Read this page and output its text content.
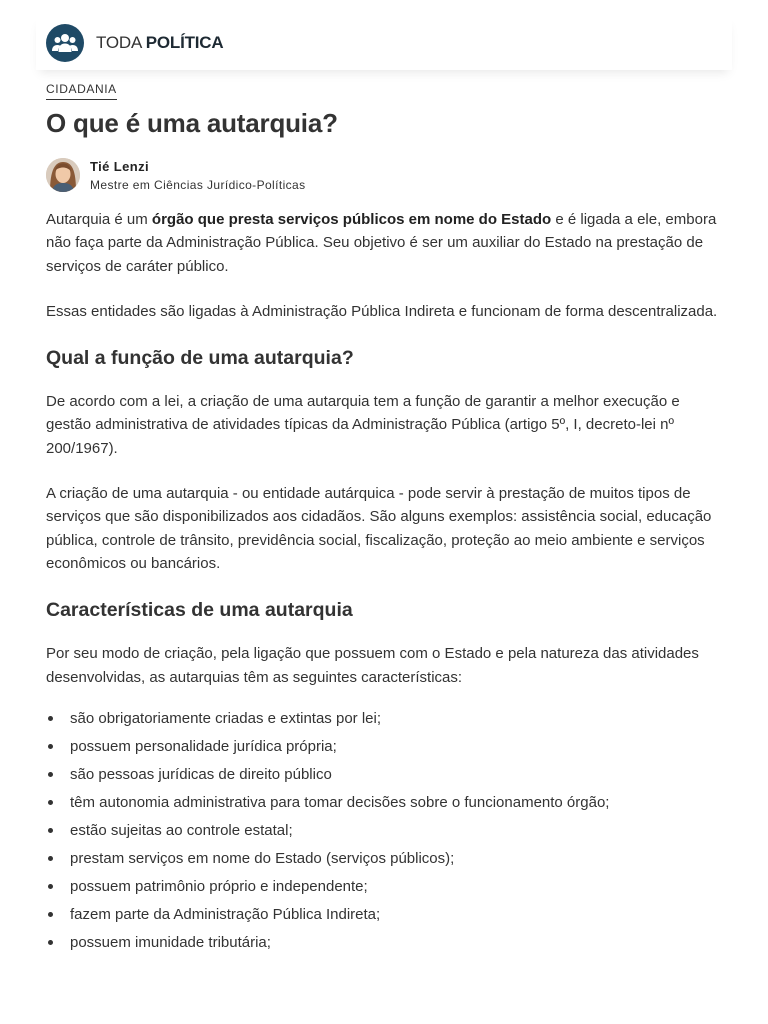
TODA POLÍTICA
CIDADANIA
O que é uma autarquia?
Tié Lenzi
Mestre em Ciências Jurídico-Políticas

Autarquia é um órgão que presta serviços públicos em nome do Estado e é ligada a ele, embora não faça parte da Administração Pública. Seu objetivo é ser um auxiliar do Estado na prestação de serviços de caráter público.

Essas entidades são ligadas à Administração Pública Indireta e funcionam de forma descentralizada.

Qual a função de uma autarquia?

De acordo com a lei, a criação de uma autarquia tem a função de garantir a melhor execução e gestão administrativa de atividades típicas da Administração Pública (artigo 5º, I, decreto-lei nº 200/1967).

A criação de uma autarquia - ou entidade autárquica - pode servir à prestação de muitos tipos de serviços que são disponibilizados aos cidadãos. São alguns exemplos: assistência social, educação pública, controle de trânsito, previdência social, fiscalização, proteção ao meio ambiente e serviços econômicos ou bancários.

Características de uma autarquia

Por seu modo de criação, pela ligação que possuem com o Estado e pela natureza das atividades desenvolvidas, as autarquias têm as seguintes características:

são obrigatoriamente criadas e extintas por lei;
possuem personalidade jurídica própria;
são pessoas jurídicas de direito público
têm autonomia administrativa para tomar decisões sobre o funcionamento órgão;
estão sujeitas ao controle estatal;
prestam serviços em nome do Estado (serviços públicos);
possuem patrimônio próprio e independente;
fazem parte da Administração Pública Indireta;
possuem imunidade tributária;
